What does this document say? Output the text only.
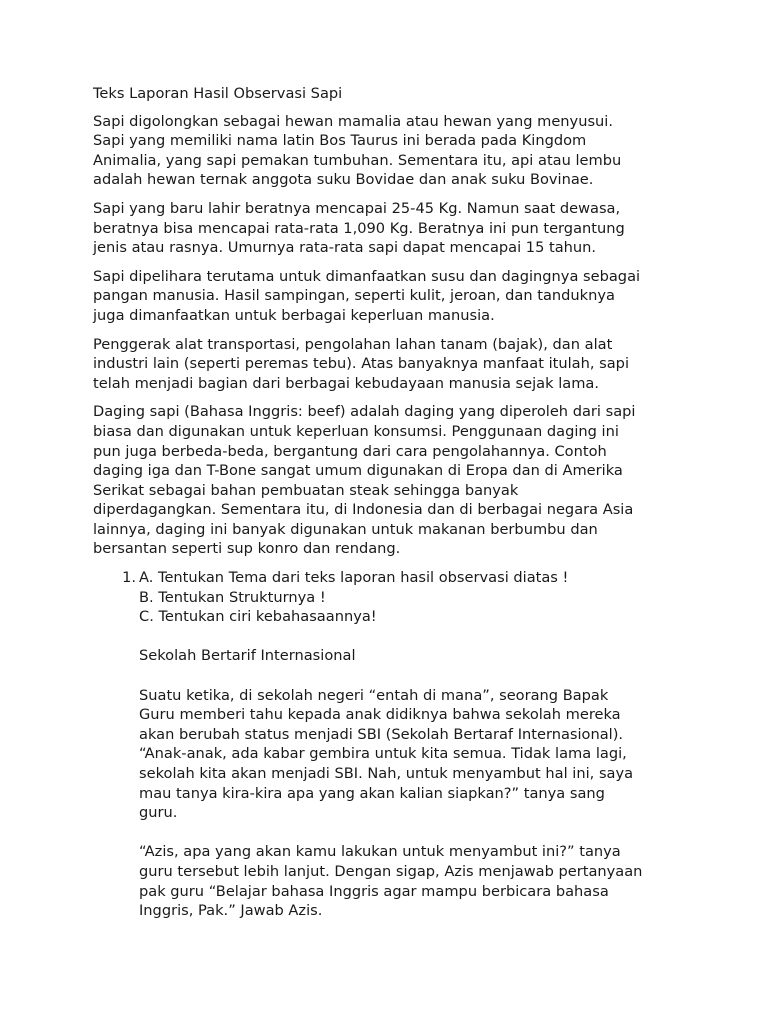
Teks Laporan Hasil Observasi Sapi

Sapi digolongkan sebagai hewan mamalia atau hewan yang menyusui.
Sapi yang memiliki nama latin Bos Taurus ini berada pada Kingdom
Animalia, yang sapi pemakan tumbuhan. Sementara itu, api atau lembu
adalah hewan ternak anggota suku Bovidae dan anak suku Bovinae.

Sapi yang baru lahir beratnya mencapai 25-45 Kg. Namun saat dewasa,
beratnya bisa mencapai rata-rata 1,090 Kg. Beratnya ini pun tergantung
jenis atau rasnya. Umurnya rata-rata sapi dapat mencapai 15 tahun.

Sapi dipelihara terutama untuk dimanfaatkan susu dan dagingnya sebagai
pangan manusia. Hasil sampingan, seperti kulit, jeroan, dan tanduknya
juga dimanfaatkan untuk berbagai keperluan manusia.

Penggerak alat transportasi, pengolahan lahan tanam (bajak), dan alat
industri lain (seperti peremas tebu). Atas banyaknya manfaat itulah, sapi
telah menjadi bagian dari berbagai kebudayaan manusia sejak lama.

Daging sapi (Bahasa Inggris: beef) adalah daging yang diperoleh dari sapi
biasa dan digunakan untuk keperluan konsumsi. Penggunaan daging ini
pun juga berbeda-beda, bergantung dari cara pengolahannya. Contoh
daging iga dan T-Bone sangat umum digunakan di Eropa dan di Amerika
Serikat sebagai bahan pembuatan steak sehingga banyak
diperdagangkan. Sementara itu, di Indonesia dan di berbagai negara Asia
lainnya, daging ini banyak digunakan untuk makanan berbumbu dan
bersantan seperti sup konro dan rendang.

1. A. Tentukan Tema dari teks laporan hasil observasi diatas !

B. Tentukan Strukturnya !

C. Tentukan ciri kebahasaannya!

Sekolah Bertarif Internasional

Suatu ketika, di sekolah negeri “entah di mana”, seorang Bapak
Guru memberi tahu kepada anak didiknya bahwa sekolah mereka
akan berubah status menjadi SBI (Sekolah Bertaraf Internasional).
“Anak-anak, ada kabar gembira untuk kita semua. Tidak lama lagi,
sekolah kita akan menjadi SBI. Nah, untuk menyambut hal ini, saya
mau tanya kira-kira apa yang akan kalian siapkan?” tanya sang
guru.

“Azis, apa yang akan kamu lakukan untuk menyambut ini?” tanya
guru tersebut lebih lanjut. Dengan sigap, Azis menjawab pertanyaan
pak guru “Belajar bahasa Inggris agar mampu berbicara bahasa
Inggris, Pak.” Jawab Azis.
